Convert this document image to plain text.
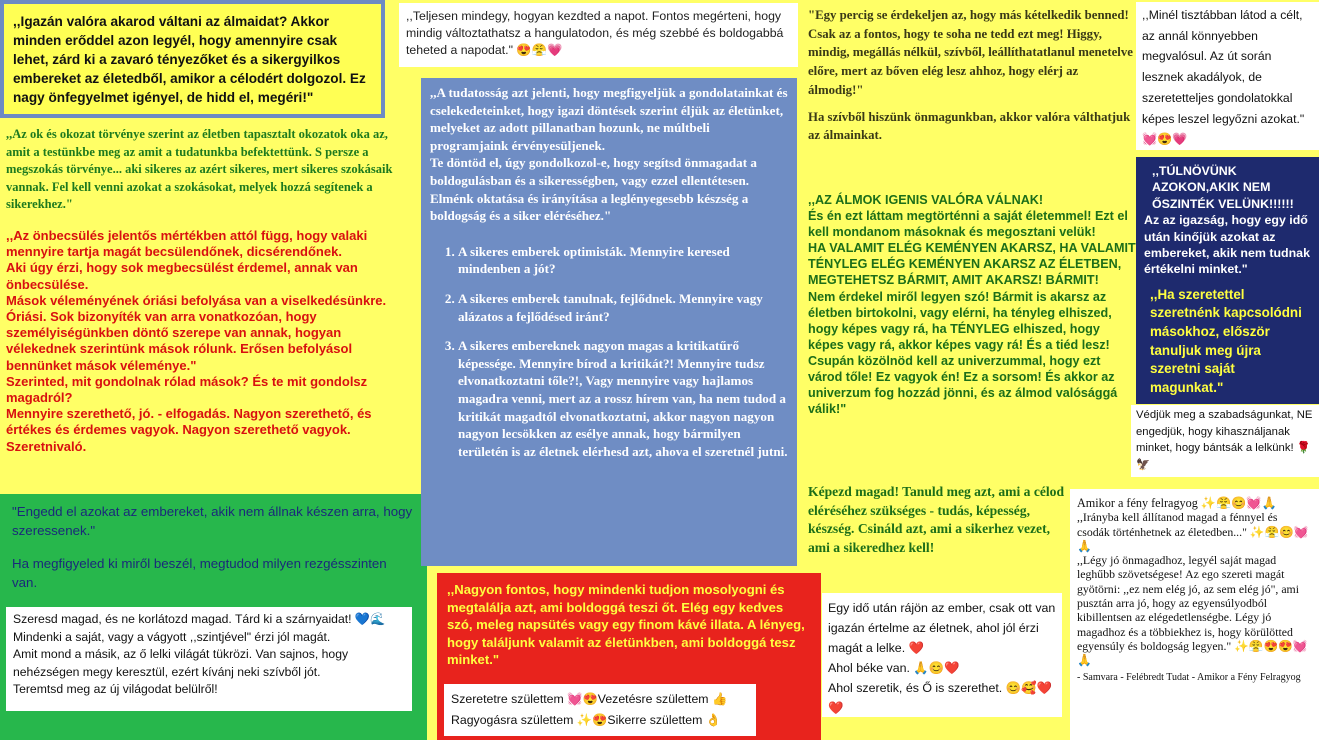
,,Igazán valóra akarod váltani az álmaidat? Akkor minden erőddel azon legyél, hogy amennyire csak lehet, zárd ki a zavaró tényezőket és a sikergyilkos embereket az életedből, amikor a célodért dolgozol. Ez nagy önfegyelmet igényel, de hidd el, megéri!"

,,Az ok és okozat törvénye szerint az életben tapasztalt okozatok oka az, amit a testünkbe meg az amit a tudatunkba befektettünk. S persze a megszokás törvénye... aki sikeres az azért sikeres, mert sikeres szokásaik vannak. Fel kell venni azokat a szokásokat, melyek hozzá segítenek a sikerekhez."

,,Az önbecsülés jelentős mértékben attól függ, hogy valaki mennyire tartja magát becsülendőnek, dicsérendőnek.

Aki úgy érzi, hogy sok megbecsülést érdemel, annak van önbecsülése.

Mások véleményének óriási befolyása van a viselkedésünkre. Óriási. Sok bizonyíték van arra vonatkozóan, hogy személyiségünkben döntő szerepe van annak, hogyan vélekednek szerintünk mások rólunk. Erősen befolyásol bennünket mások véleménye."

Szerinted, mit gondolnak rólad mások? És te mit gondolsz magadról?

Mennyire szerethető, jó. - elfogadás. Nagyon szerethető, és értékes és érdemes vagyok. Nagyon szerethető vagyok. Szeretnivaló.

"Engedd el azokat az embereket, akik nem állnak készen arra, hogy szeressenek."

Ha megfigyeled ki miről beszél, megtudod milyen rezgésszinten van.

Szeresd magad, és ne korlátozd magad. Tárd ki a szárnyaidat! 💙🌊

Mindenki a saját, vagy a vágyott ,,szintjével" érzi jól magát.

Amit mond a másik, az ő lelki világát tükrözi. Van sajnos, hogy nehézségen megy keresztül, ezért kívánj neki szívből jót.

Teremtsd meg az új világodat belülről!

,,Teljesen mindegy, hogyan kezdted a napot. Fontos megérteni, hogy mindig változtathatsz a hangulatodon, és még szebbé és boldogabbá teheted a napodat." 😍😤💗

,,A tudatosság azt jelenti, hogy megfigyeljük a gondolatainkat és cselekedeteinket, hogy igazi döntések szerint éljük az életünket, melyeket az adott pillanatban hozunk, ne múltbeli programjaink érvényesüljenek.

Te döntöd el, úgy gondolkozol-e, hogy segítsd önmagadat a boldogulásban és a sikerességben, vagy ezzel ellentétesen.

Elménk oktatása és irányítása a leglényegesebb készség a boldogság és a siker eléréséhez."

1. A sikeres emberek optimisták. Mennyire keresed mindenben a jót?
2. A sikeres emberek tanulnak, fejlődnek. Mennyire vagy alázatos a fejlődésed iránt?
3. A sikeres embereknek nagyon magas a kritikatűrő képessége. Mennyire bírod a kritikát?! Mennyire tudsz elvonatkoztatni tőle?!, Vagy mennyire vagy hajlamos magadra venni, mert az a rossz hírem van, ha nem tudod a kritikát magadtól elvonatkoztatni, akkor nagyon nagyon nagyon lecsökken az esélye annak, hogy bármilyen területén is az életnek elérhesd azt, ahova el szeretnél jutni.

,,Nagyon fontos, hogy mindenki tudjon mosolyogni és megtalálja azt, ami boldoggá teszi őt. Elég egy kedves szó, meleg napsütés vagy egy finom kávé illata. A lényeg, hogy találjunk valamit az életünkben, ami boldoggá tesz minket."

Szeretetre születtem 💓😍Vezetésre születtem 👍

Ragyogásra születtem ✨😍Sikerre születtem 👌

"Egy percig se érdekeljen az, hogy más kételkedik benned! Csak az a fontos, hogy te soha ne tedd ezt meg! Higgy, mindig, megállás nélkül, szívből, leállíthatatlanul menetelve előre, mert az bőven elég lesz ahhoz, hogy elérj az álmodig!"

Ha szívből hiszünk önmagunkban, akkor valóra válthatjuk az álmainkat.

,,AZ ÁLMOK IGENIS VALÓRA VÁLNAK!

És én ezt láttam megtörténni a saját életemmel! Ezt el kell mondanom másoknak és megosztani velük!

HA VALAMIT ELÉG KEMÉNYEN AKARSZ, HA VALAMIT TÉNYLEG ELÉG KEMÉNYEN AKARSZ AZ ÉLETBEN, MEGTEHETSZ BÁRMIT, AMIT AKARSZ! BÁRMIT!

Nem érdekel miről legyen szó! Bármit is akarsz az életben birtokolni, vagy elérni, ha tényleg elhiszed, hogy képes vagy rá, ha TÉNYLEG elhiszed, hogy képes vagy rá, akkor képes vagy rá! És a tiéd lesz! Csupán közölnöd kell az univerzummal, hogy ezt várod tőle! Ez vagyok én! Ez a sorsom! És akkor az univerzum fog hozzád jönni, és az álmod valósággá válik!"

Képezd magad! Tanuld meg azt, ami a célod eléréséhez szükséges - tudás, képesség, készség. Csináld azt, ami a sikerhez vezet, ami a sikeredhez kell!

Egy idő után rájön az ember, csak ott van igazán értelme az életnek, ahol jól érzi magát a lelke. ❤️

Ahol béke van. 🙏😊❤️

Ahol szeretik, és Ő is szerethet. 😊🥰❤️❤️

,,Minél tisztábban látod a célt, az annál könnyebben megvalósul. Az út során lesznek akadályok, de szeretetteljes gondolatokkal képes leszel legyőzni azokat." 💓😍💗

,,TÚLNÖVÜNK AZOKON,AKIK NEM ŐSZINTÉK VELÜNK!!!!!!

Az az igazság, hogy egy idő után kinőjük azokat az embereket, akik nem tudnak értékelni minket."

,,Ha szeretettel szeretnénk kapcsolódni másokhoz, először tanuljuk meg újra szeretni saját magunkat."

Védjük meg a szabadságunkat, NE engedjük, hogy kihasználjanak minket, hogy bántsák a lelkünk! 🌹🦅

Amikor a fény felragyog ✨😤😊💓🙏

,,Irányba kell állítanod magad a fénnyel és csodák történhetnek az életedben..." ✨😤😊💓🙏

,,Légy jó önmagadhoz, legyél saját magad leghűbb szövetségese! Az ego szereti magát gyötörni: ,,ez nem elég jó, az sem elég jó", ami pusztán arra jó, hogy az egyensúlyodból kibillentsen az elégedetlenségbe. Légy jó magadhoz és a többiekhez is, hogy körülötted egyensúly és boldogság legyen." ✨😤😍😍💓🙏

- Samvara - Felébredt Tudat - Amikor a Fény Felragyog
